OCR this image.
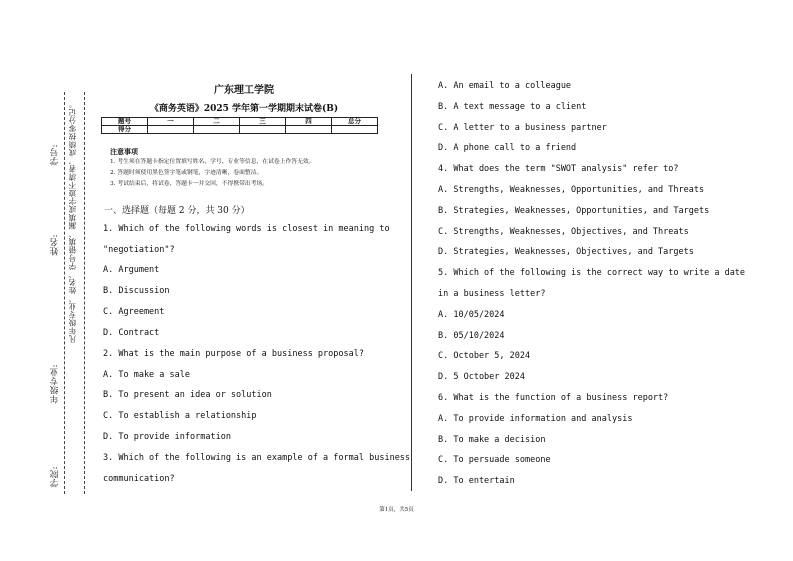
学号:
姓名:
年级专业:
学院:
凡年级专业、姓名、学号错填、漏填或字迹不清者，成绩按零分记。
广东理工学院
《商务英语》2025 学年第一学期期末试卷(B)
题号	一	二	三	四	总分
得分					
注意事项
1. 考生须在答题卡指定位置填写姓名、学号、专业等信息，在试卷上作答无效。
2. 答题时须使用黑色签字笔或钢笔，字迹清晰，卷面整洁。
3. 考试结束后，将试卷、答题卡一并交回，不得携带出考场。
一、选择题（每题 2 分，共 30 分）
1. Which of the following words is closest in meaning to
"negotiation"?
A. Argument
B. Discussion
C. Agreement
D. Contract
2. What is the main purpose of a business proposal?
A. To make a sale
B. To present an idea or solution
C. To establish a relationship
D. To provide information
3. Which of the following is an example of a formal business
communication?
A. An email to a colleague
B. A text message to a client
C. A letter to a business partner
D. A phone call to a friend
4. What does the term "SWOT analysis" refer to?
A. Strengths, Weaknesses, Opportunities, and Threats
B. Strategies, Weaknesses, Opportunities, and Targets
C. Strengths, Weaknesses, Objectives, and Threats
D. Strategies, Weaknesses, Objectives, and Targets
5. Which of the following is the correct way to write a date
in a business letter?
A. 10/05/2024
B. 05/10/2024
C. October 5, 2024
D. 5 October 2024
6. What is the function of a business report?
A. To provide information and analysis
B. To make a decision
C. To persuade someone
D. To entertain
第1页，共5页
